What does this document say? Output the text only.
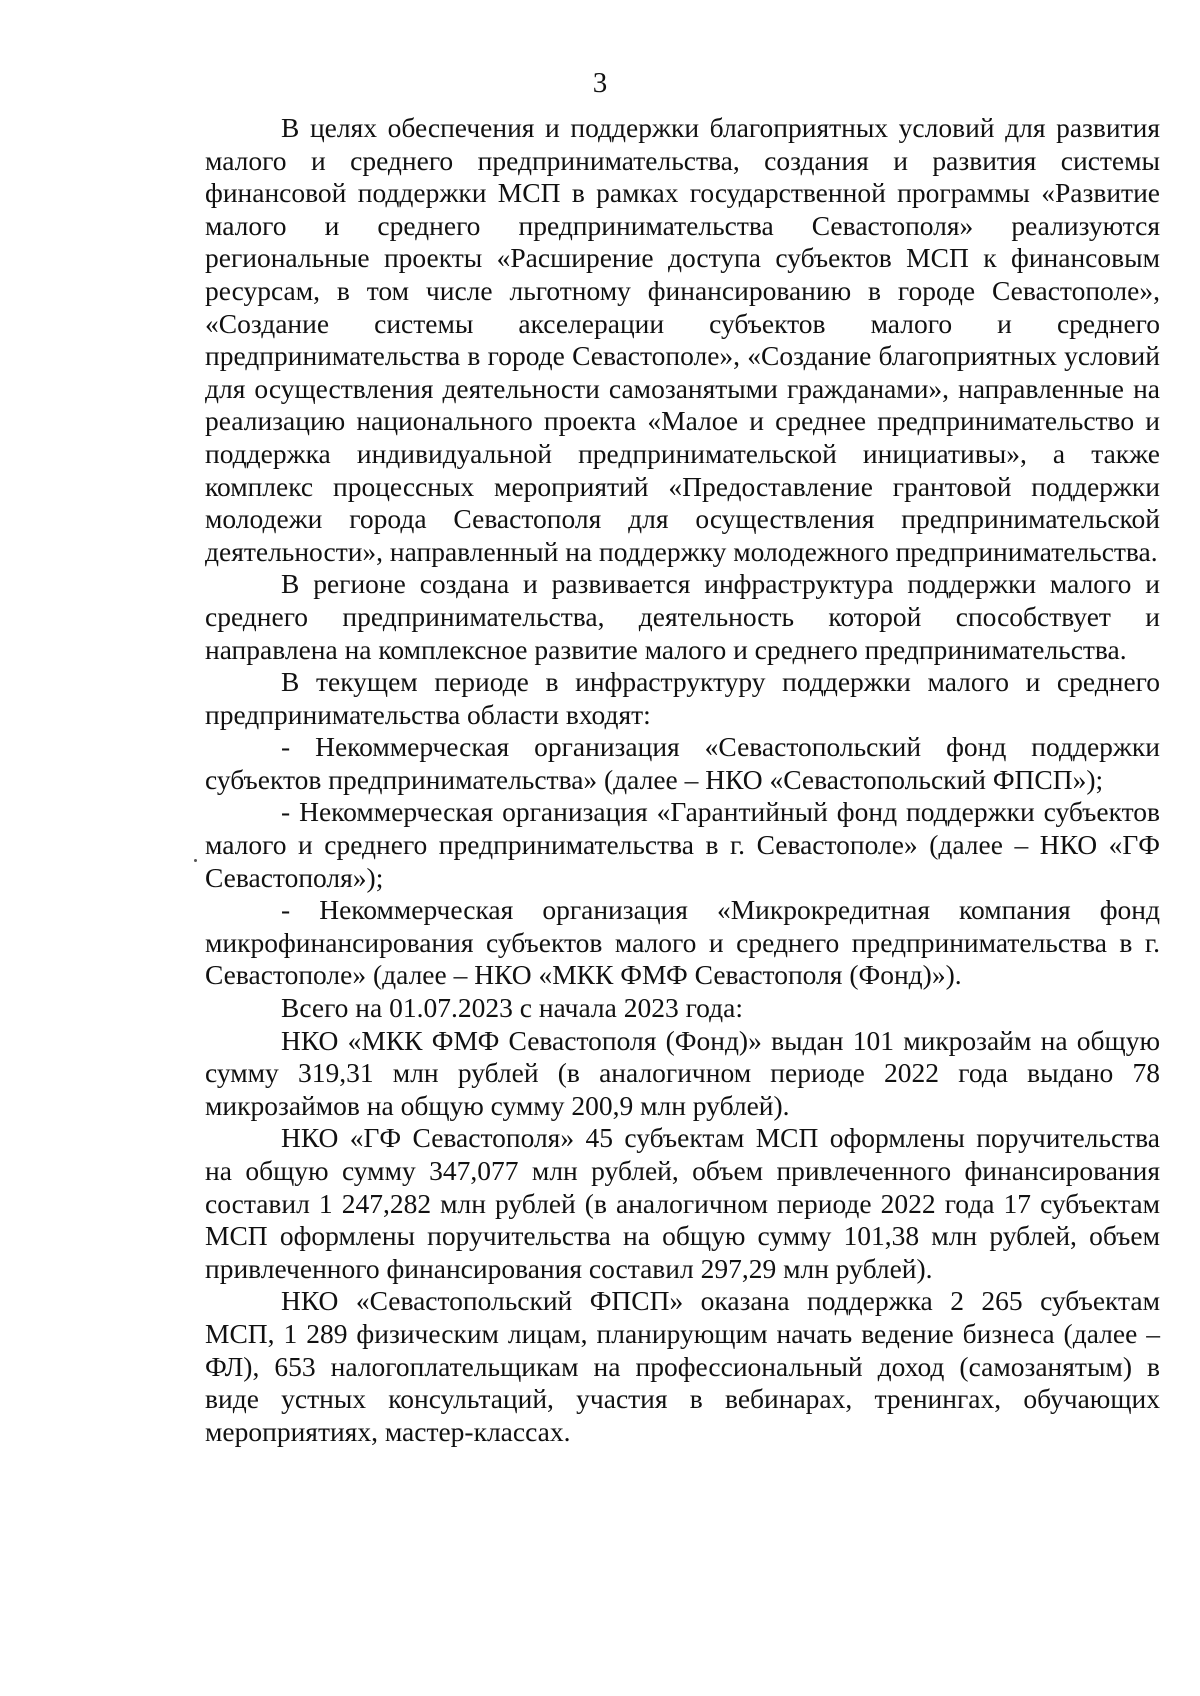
3

В целях обеспечения и поддержки благоприятных условий для развития малого и среднего предпринимательства, создания и развития системы финансовой поддержки МСП в рамках государственной программы «Развитие малого и среднего предпринимательства Севастополя» реализуются региональные проекты «Расширение доступа субъектов МСП к финансовым ресурсам, в том числе льготному финансированию в городе Севастополе», «Создание системы акселерации субъектов малого и среднего предпринимательства в городе Севастополе», «Создание благоприятных условий для осуществления деятельности самозанятыми гражданами», направленные на реализацию национального проекта «Малое и среднее предпринимательство и поддержка индивидуальной предпринимательской инициативы», а также комплекс процессных мероприятий «Предоставление грантовой поддержки молодежи города Севастополя для осуществления предпринимательской деятельности», направленный на поддержку молодежного предпринимательства.

В регионе создана и развивается инфраструктура поддержки малого и среднего предпринимательства, деятельность которой способствует и направлена на комплексное развитие малого и среднего предпринимательства.

В текущем периоде в инфраструктуру поддержки малого и среднего предпринимательства области входят:

- Некоммерческая организация «Севастопольский фонд поддержки субъектов предпринимательства» (далее – НКО «Севастопольский ФПСП»);

- Некоммерческая организация «Гарантийный фонд поддержки субъектов малого и среднего предпринимательства в г. Севастополе» (далее – НКО «ГФ Севастополя»);

- Некоммерческая организация «Микрокредитная компания фонд микрофинансирования субъектов малого и среднего предпринимательства в г. Севастополе» (далее – НКО «МКК ФМФ Севастополя (Фонд)»).

Всего на 01.07.2023 с начала 2023 года:

НКО «МКК ФМФ Севастополя (Фонд)» выдан 101 микрозайм на общую сумму 319,31 млн рублей (в аналогичном периоде 2022 года выдано 78 микрозаймов на общую сумму 200,9 млн рублей).

НКО «ГФ Севастополя» 45 субъектам МСП оформлены поручительства на общую сумму 347,077 млн рублей, объем привлеченного финансирования составил 1 247,282 млн рублей (в аналогичном периоде 2022 года 17 субъектам МСП оформлены поручительства на общую сумму 101,38 млн рублей, объем привлеченного финансирования составил 297,29 млн рублей).

НКО «Севастопольский ФПСП» оказана поддержка 2 265 субъектам МСП, 1 289 физическим лицам, планирующим начать ведение бизнеса (далее – ФЛ), 653 налогоплательщикам на профессиональный доход (самозанятым) в виде устных консультаций, участия в вебинарах, тренингах, обучающих мероприятиях, мастер-классах.
